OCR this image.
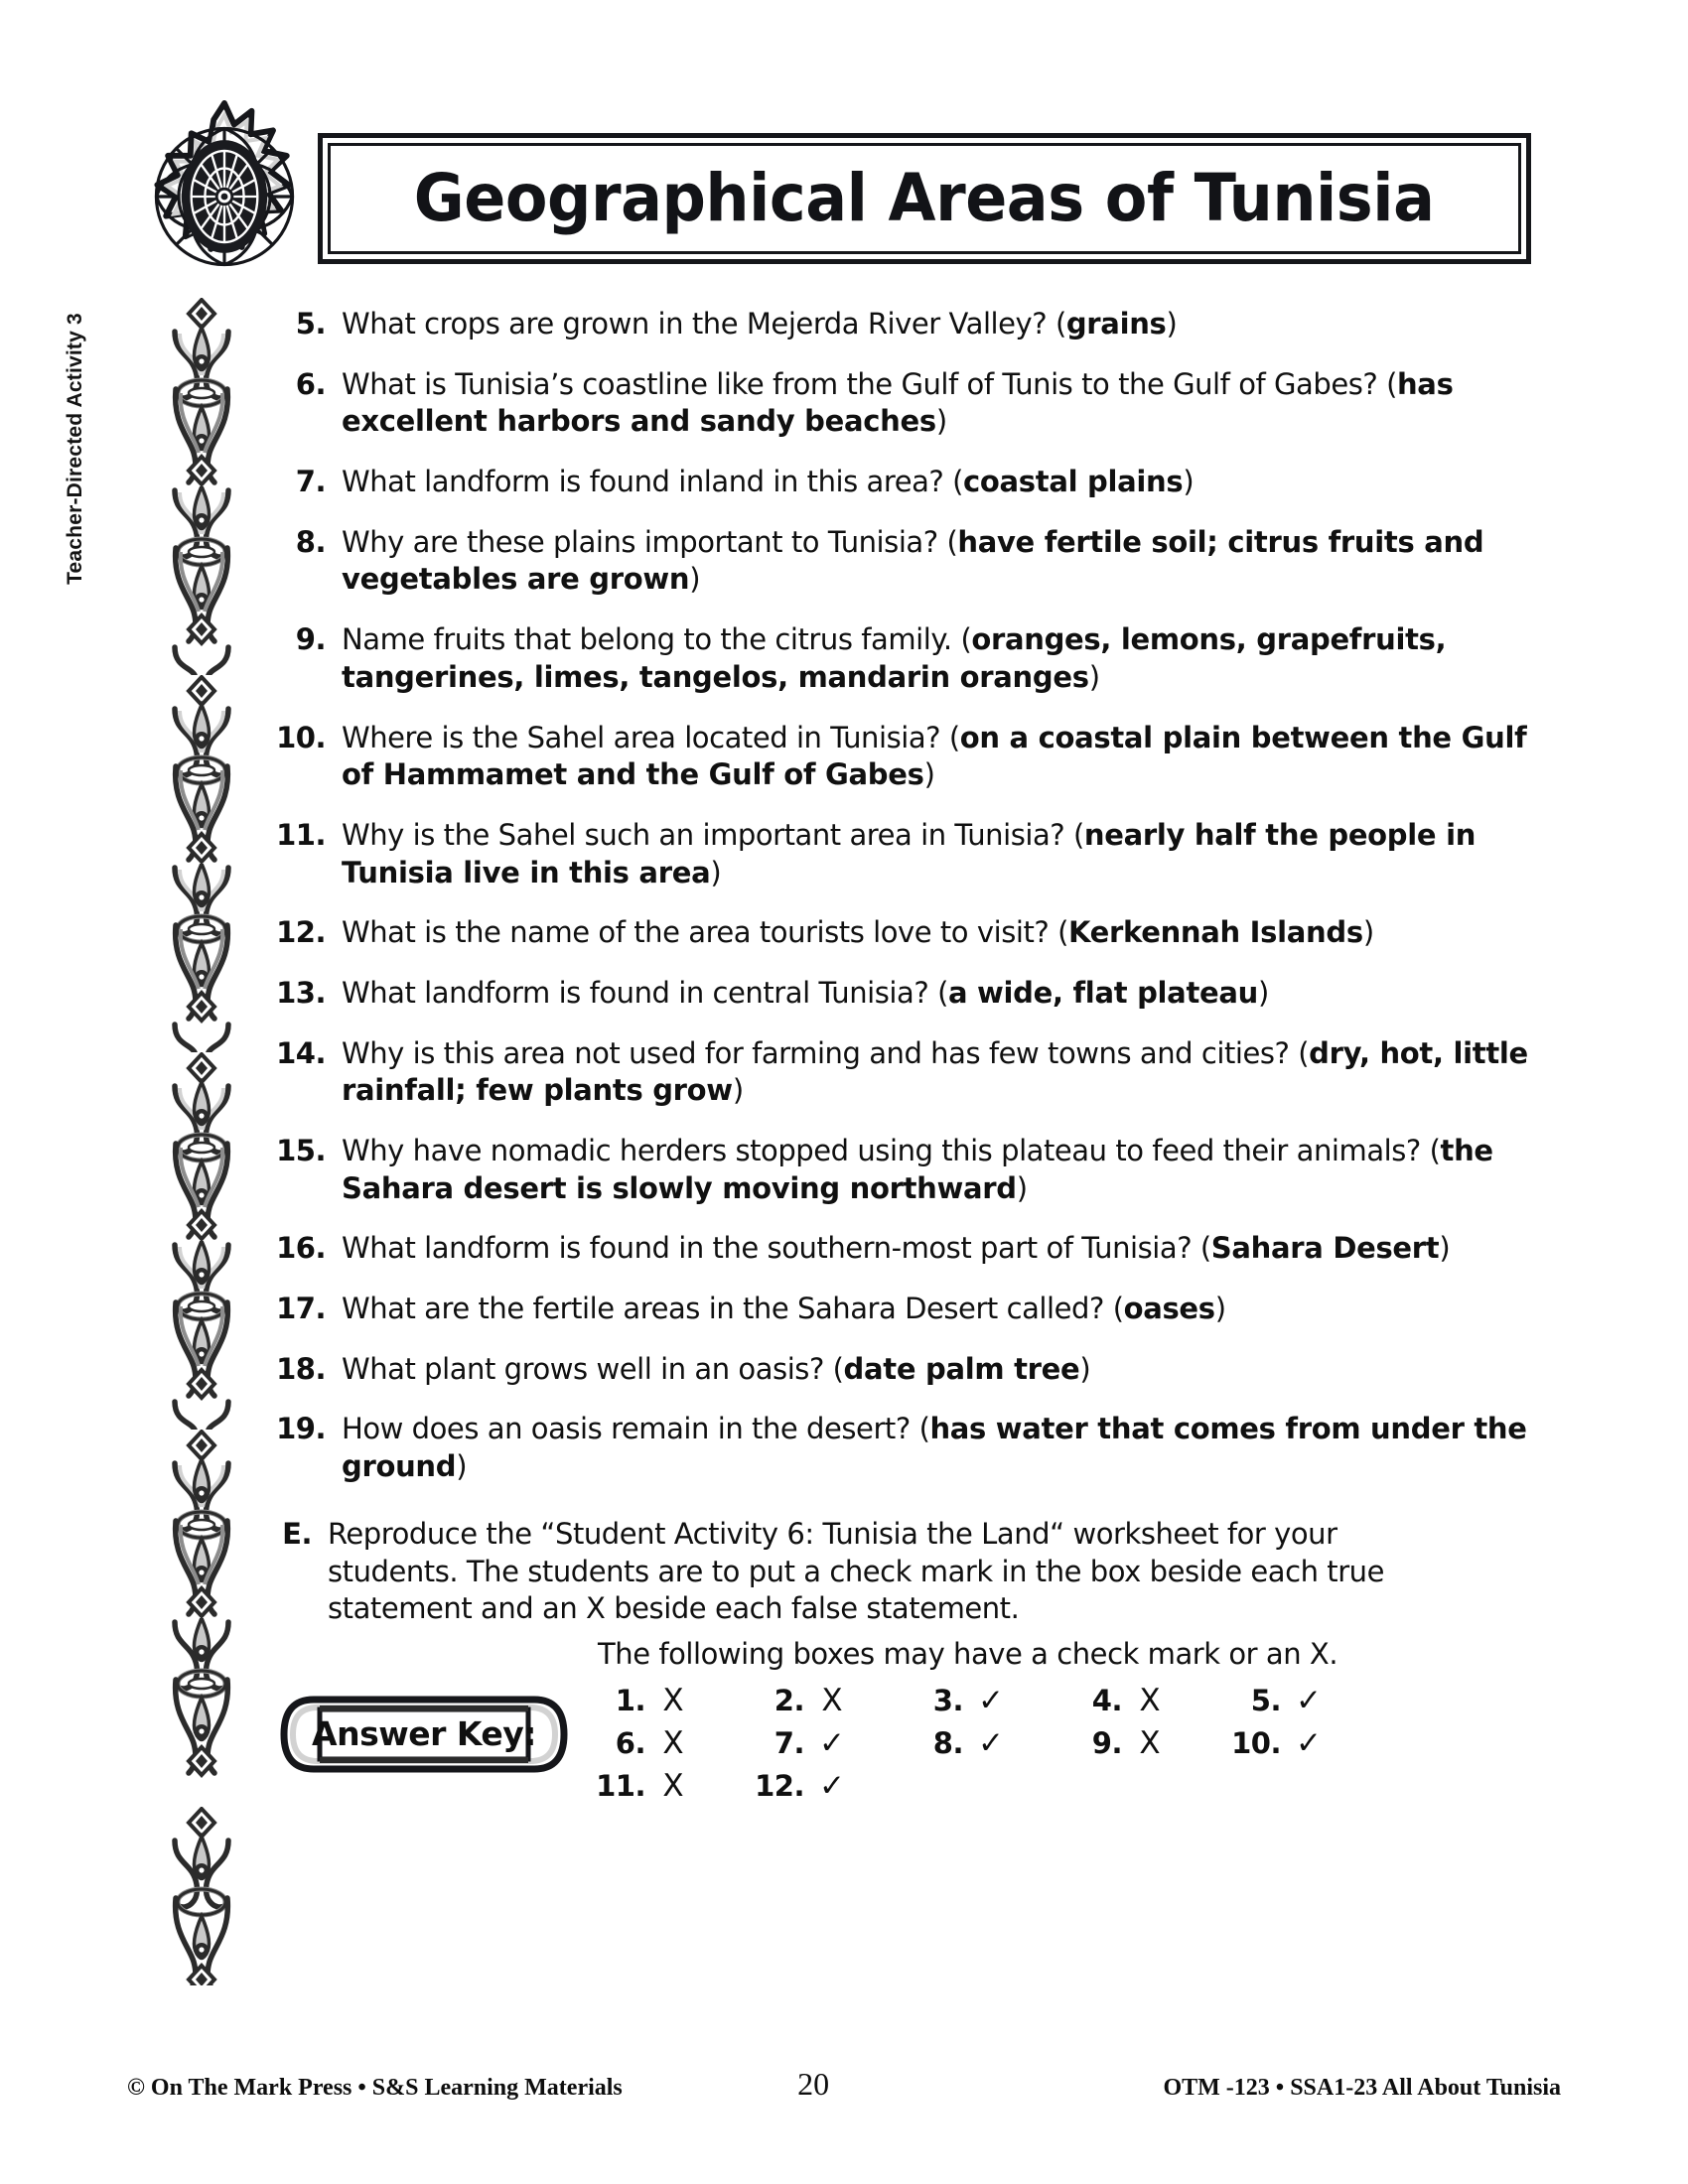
Geographical Areas of Tunisia
Teacher-Directed Activity 3	5. What crops are grown in the Mejerda River Valley? (grains)
6. What is Tunisia’s coastline like from the Gulf of Tunis to the Gulf of Gabes? (has excellent harbors and sandy beaches)
7. What landform is found inland in this area? (coastal plains)
8. Why are these plains important to Tunisia? (have fertile soil; citrus fruits and vegetables are grown)
9. Name fruits that belong to the citrus family. (oranges, lemons, grapefruits, tangerines, limes, tangelos, mandarin oranges)
10. Where is the Sahel area located in Tunisia? (on a coastal plain between the Gulf of Hammamet and the Gulf of Gabes)
11. Why is the Sahel such an important area in Tunisia? (nearly half the people in Tunisia live in this area)
12. What is the name of the area tourists love to visit? (Kerkennah Islands)
13. What landform is found in central Tunisia? (a wide, flat plateau)
14. Why is this area not used for farming and has few towns and cities? (dry, hot, little rainfall; few plants grow)
15. Why have nomadic herders stopped using this plateau to feed their animals? (the Sahara desert is slowly moving northward)
16. What landform is found in the southern-most part of Tunisia? (Sahara Desert)
17. What are the fertile areas in the Sahara Desert called? (oases)
18. What plant grows well in an oasis? (date palm tree)
19. How does an oasis remain in the desert? (has water that comes from under the ground)
E. Reproduce the “Student Activity 6: Tunisia the Land“ worksheet for your students. The students are to put a check mark in the box beside each true statement and an X beside each false statement.
The following boxes may have a check mark or an X.
Answer Key:
1. X	2. X	3. ✓	4. X	5. ✓
6. X	7. ✓	8. ✓	9. X	10. ✓
11. X	12. ✓
© On The Mark Press • S&S Learning Materials	20	OTM -123 • SSA1-23 All About Tunisia
